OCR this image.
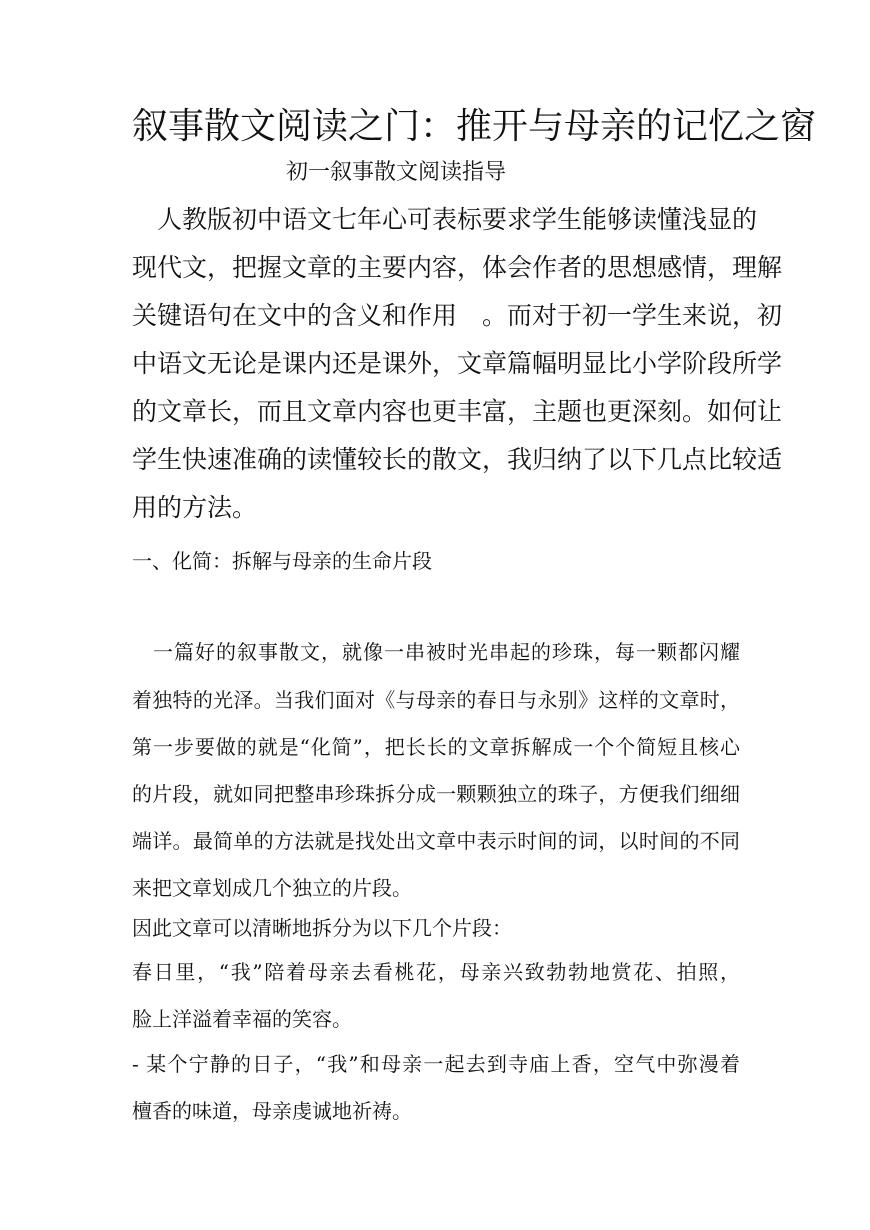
叙事散文阅读之门：推开与母亲的记忆之窗
初一叙事散文阅读指导
　人教版初中语文七年心可表标要求学生能够读懂浅显的
现代文，把握文章的主要内容，体会作者的思想感情，理解
关键语句在文中的含义和作用　。而对于初一学生来说，初
中语文无论是课内还是课外，文章篇幅明显比小学阶段所学
的文章长，而且文章内容也更丰富，主题也更深刻。如何让
学生快速准确的读懂较长的散文，我归纳了以下几点比较适
用的方法。
一、化简：拆解与母亲的生命片段
　一篇好的叙事散文，就像一串被时光串起的珍珠，每一颗都闪耀
着独特的光泽。当我们面对《与母亲的春日与永别》这样的文章时，
第一步要做的就是“化简”，把长长的文章拆解成一个个简短且核心
的片段，就如同把整串珍珠拆分成一颗颗独立的珠子，方便我们细细
端详。最简单的方法就是找处出文章中表示时间的词，以时间的不同
来把文章划成几个独立的片段。
因此文章可以清晰地拆分为以下几个片段：
春日里，“我”陪着母亲去看桃花，母亲兴致勃勃地赏花、拍照，
脸上洋溢着幸福的笑容。
- 某个宁静的日子，“我”和母亲一起去到寺庙上香，空气中弥漫着
檀香的味道，母亲虔诚地祈祷。
